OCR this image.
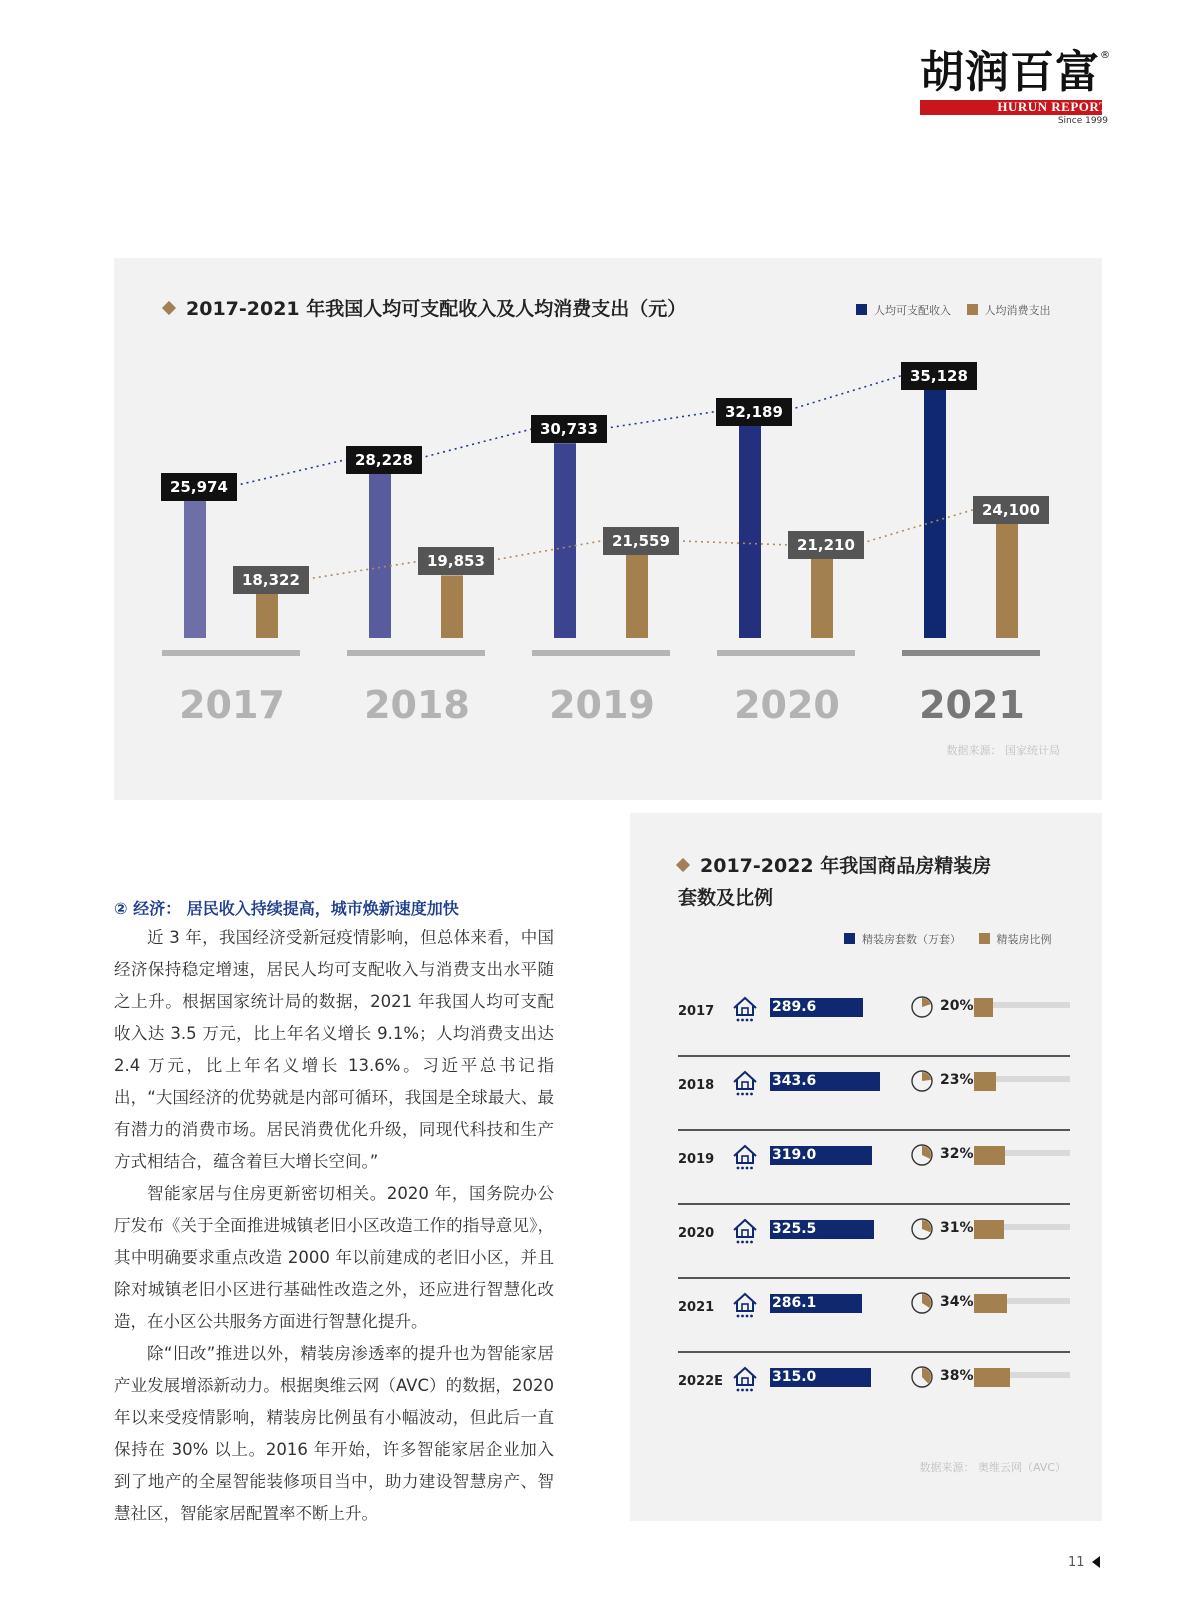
胡润百富 ®
HURUN REPORT
Since 1999
2017-2021 年我国人均可支配收入及人均消费支出（元）	人均可支配收入	人均消费支出
25,974
18,322
2017
28,228
19,853
2018
30,733
21,559
2019
32,189
21,210
2020
35,128
24,100
2021
数据来源： 国家统计局
② 经济： 居民收入持续提高，城市焕新速度加快

近 3 年，我国经济受新冠疫情影响，但总体来看，中国经济保持稳定增速，居民人均可支配收入与消费支出水平随之上升。根据国家统计局的数据，2021 年我国人均可支配收入达 3.5 万元，比上年名义增长 9.1%；人均消费支出达 2.4 万元，比上年名义增长 13.6%。习近平总书记指出，“大国经济的优势就是内部可循环，我国是全球最大、最有潜力的消费市场。居民消费优化升级，同现代科技和生产方式相结合，蕴含着巨大增长空间。”

智能家居与住房更新密切相关。2020 年，国务院办公厅发布《关于全面推进城镇老旧小区改造工作的指导意见》，其中明确要求重点改造 2000 年以前建成的老旧小区，并且除对城镇老旧小区进行基础性改造之外，还应进行智慧化改造，在小区公共服务方面进行智慧化提升。

除“旧改”推进以外，精装房渗透率的提升也为智能家居产业发展增添新动力。根据奥维云网（AVC）的数据，2020 年以来受疫情影响，精装房比例虽有小幅波动，但此后一直保持在 30% 以上。2016 年开始，许多智能家居企业加入到了地产的全屋智能装修项目当中，助力建设智慧房产、智慧社区，智能家居配置率不断上升。

2017-2022 年我国商品房精装房
套数及比例
精装房套数（万套）	精装房比例
2017	289.6	20%
2018	343.6	23%
2019	319.0	32%
2020	325.5	31%
2021	286.1	34%
2022E	315.0	38%
数据来源： 奥维云网（AVC）
11
